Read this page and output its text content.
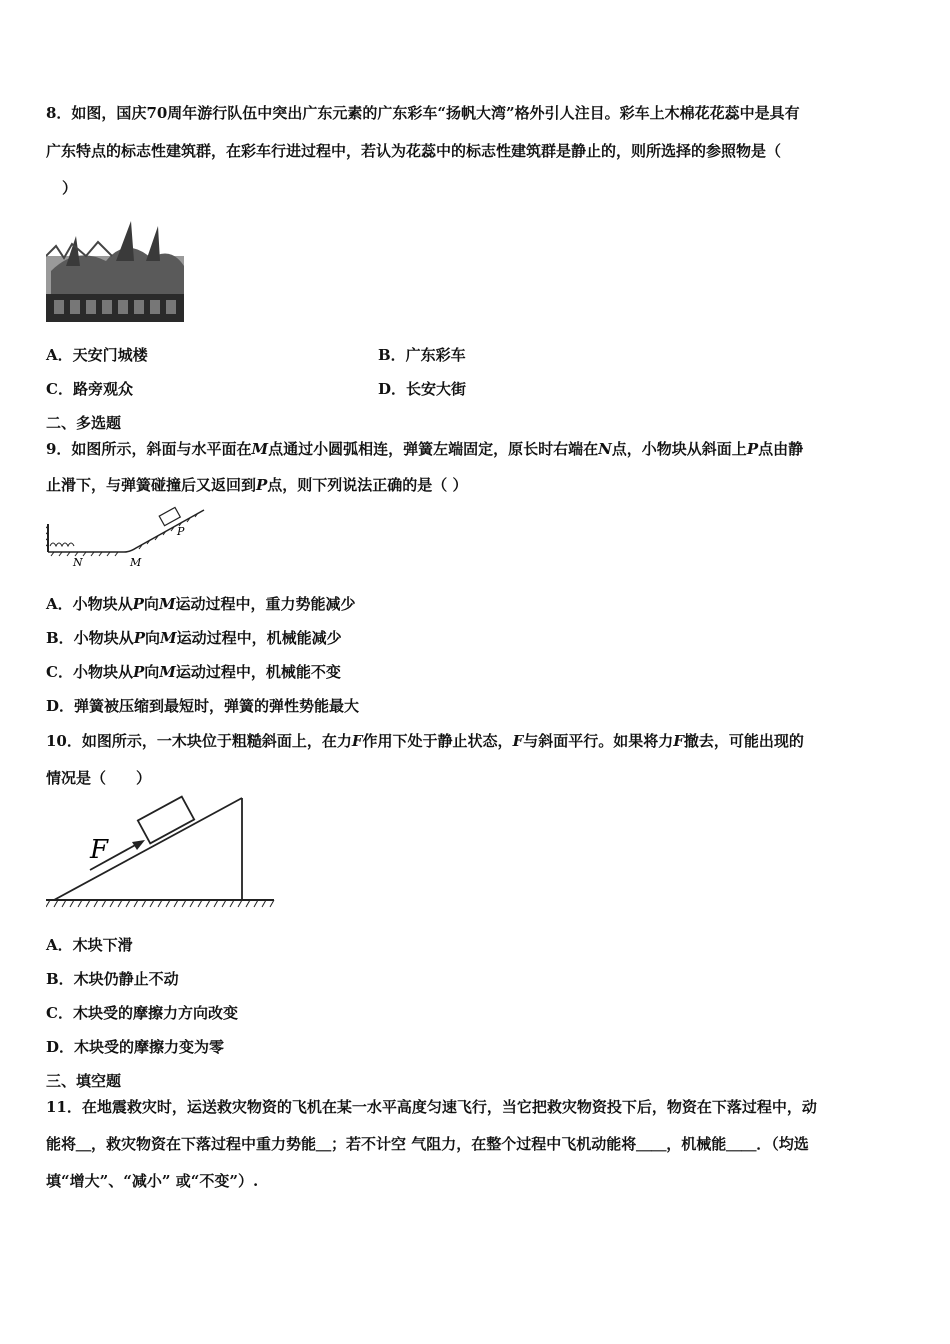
8．如图，国庆70周年游行队伍中突出广东元素的广东彩车“扬帆大湾”格外引人注目。彩车上木棉花花蕊中是具有
广东特点的标志性建筑群，在彩车行进过程中，若认为花蕊中的标志性建筑群是静止的，则所选择的参照物是（
）
A．天安门城楼	B．广东彩车
C．路旁观众	D．长安大街
二、多选题
9．如图所示，斜面与水平面在M点通过小圆弧相连，弹簧左端固定，原长时右端在N点，小物块从斜面上P点由静
止滑下，与弹簧碰撞后又返回到P点，则下列说法正确的是（ ）
N	M
P
A．小物块从P向M运动过程中，重力势能减少
B．小物块从P向M运动过程中，机械能减少
C．小物块从P向M运动过程中，机械能不变
D．弹簧被压缩到最短时，弹簧的弹性势能最大
10．如图所示，一木块位于粗糙斜面上，在力F作用下处于静止状态，F与斜面平行。如果将力F撤去，可能出现的
情况是（　　）
F
A．木块下滑
B．木块仍静止不动
C．木块受的摩擦力方向改变
D．木块受的摩擦力变为零
三、填空题
11．在地震救灾时，运送救灾物资的飞机在某一水平高度匀速飞行，当它把救灾物资投下后，物资在下落过程中，动
能将＿，救灾物资在下落过程中重力势能＿；若不计空 气阻力，在整个过程中飞机动能将＿＿，机械能＿＿．（均选
填“增大”、“减小” 或“不变”）.
